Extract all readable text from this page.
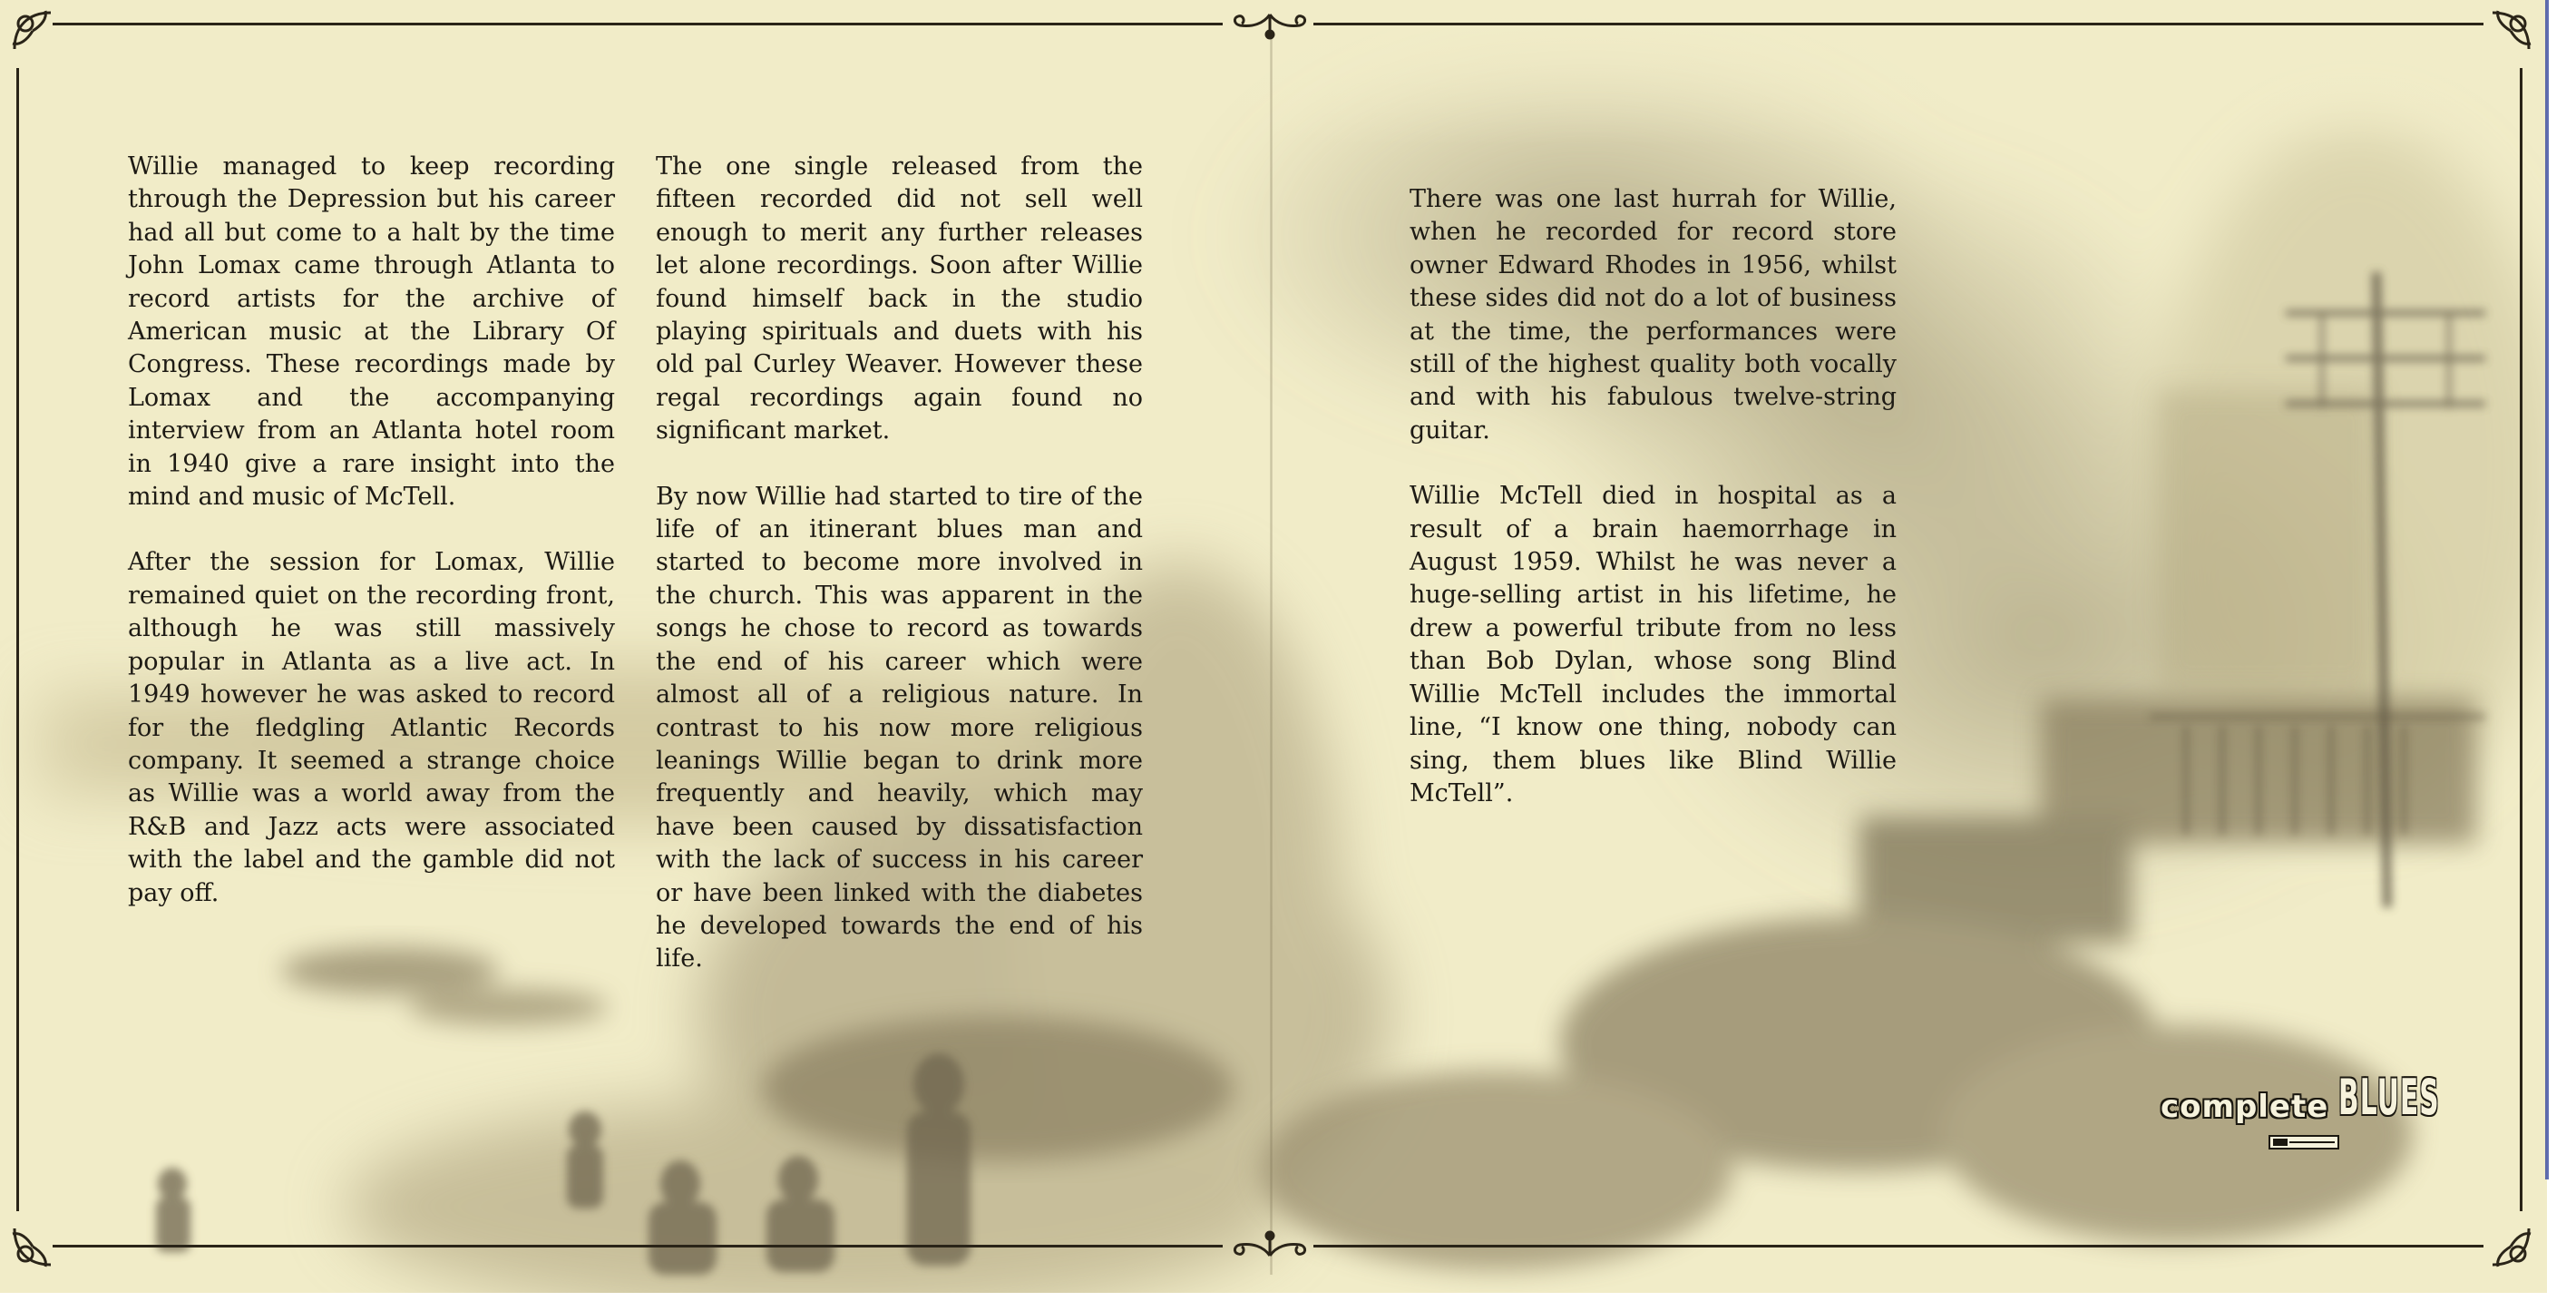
Willie managed to keep recording through the Depression but his career had all but come to a halt by the time John Lomax came through Atlanta to record artists for the archive of American music at the Library Of Congress. These recordings made by Lomax and the accompanying interview from an Atlanta hotel room in 1940 give a rare insight into the mind and music of McTell.

After the session for Lomax, Willie remained quiet on the recording front, although he was still massively popular in Atlanta as a live act. In 1949 however he was asked to record for the fledgling Atlantic Records company. It seemed a strange choice as Willie was a world away from the R&B and Jazz acts were associated with the label and the gamble did not pay off.

The one single released from the fifteen recorded did not sell well enough to merit any further releases let alone recordings. Soon after Willie found himself back in the studio playing spirituals and duets with his old pal Curley Weaver. However these regal recordings again found no significant market.

By now Willie had started to tire of the life of an itinerant blues man and started to become more involved in the church. This was apparent in the songs he chose to record as towards the end of his career which were almost all of a religious nature. In contrast to his now more religious leanings Willie began to drink more frequently and heavily, which may have been caused by dissatisfaction with the lack of success in his career or have been linked with the diabetes he developed towards the end of his life.

There was one last hurrah for Willie, when he recorded for record store owner Edward Rhodes in 1956, whilst these sides did not do a lot of business at the time, the performances were still of the highest quality both vocally and with his fabulous twelve-string guitar.

Willie McTell died in hospital as a result of a brain haemorrhage in August 1959. Whilst he was never a huge-selling artist in his lifetime, he drew a powerful tribute from no less than Bob Dylan, whose song Blind Willie McTell includes the immortal line, “I know one thing, nobody can sing, them blues like Blind Willie McTell”.

complete BLUES
